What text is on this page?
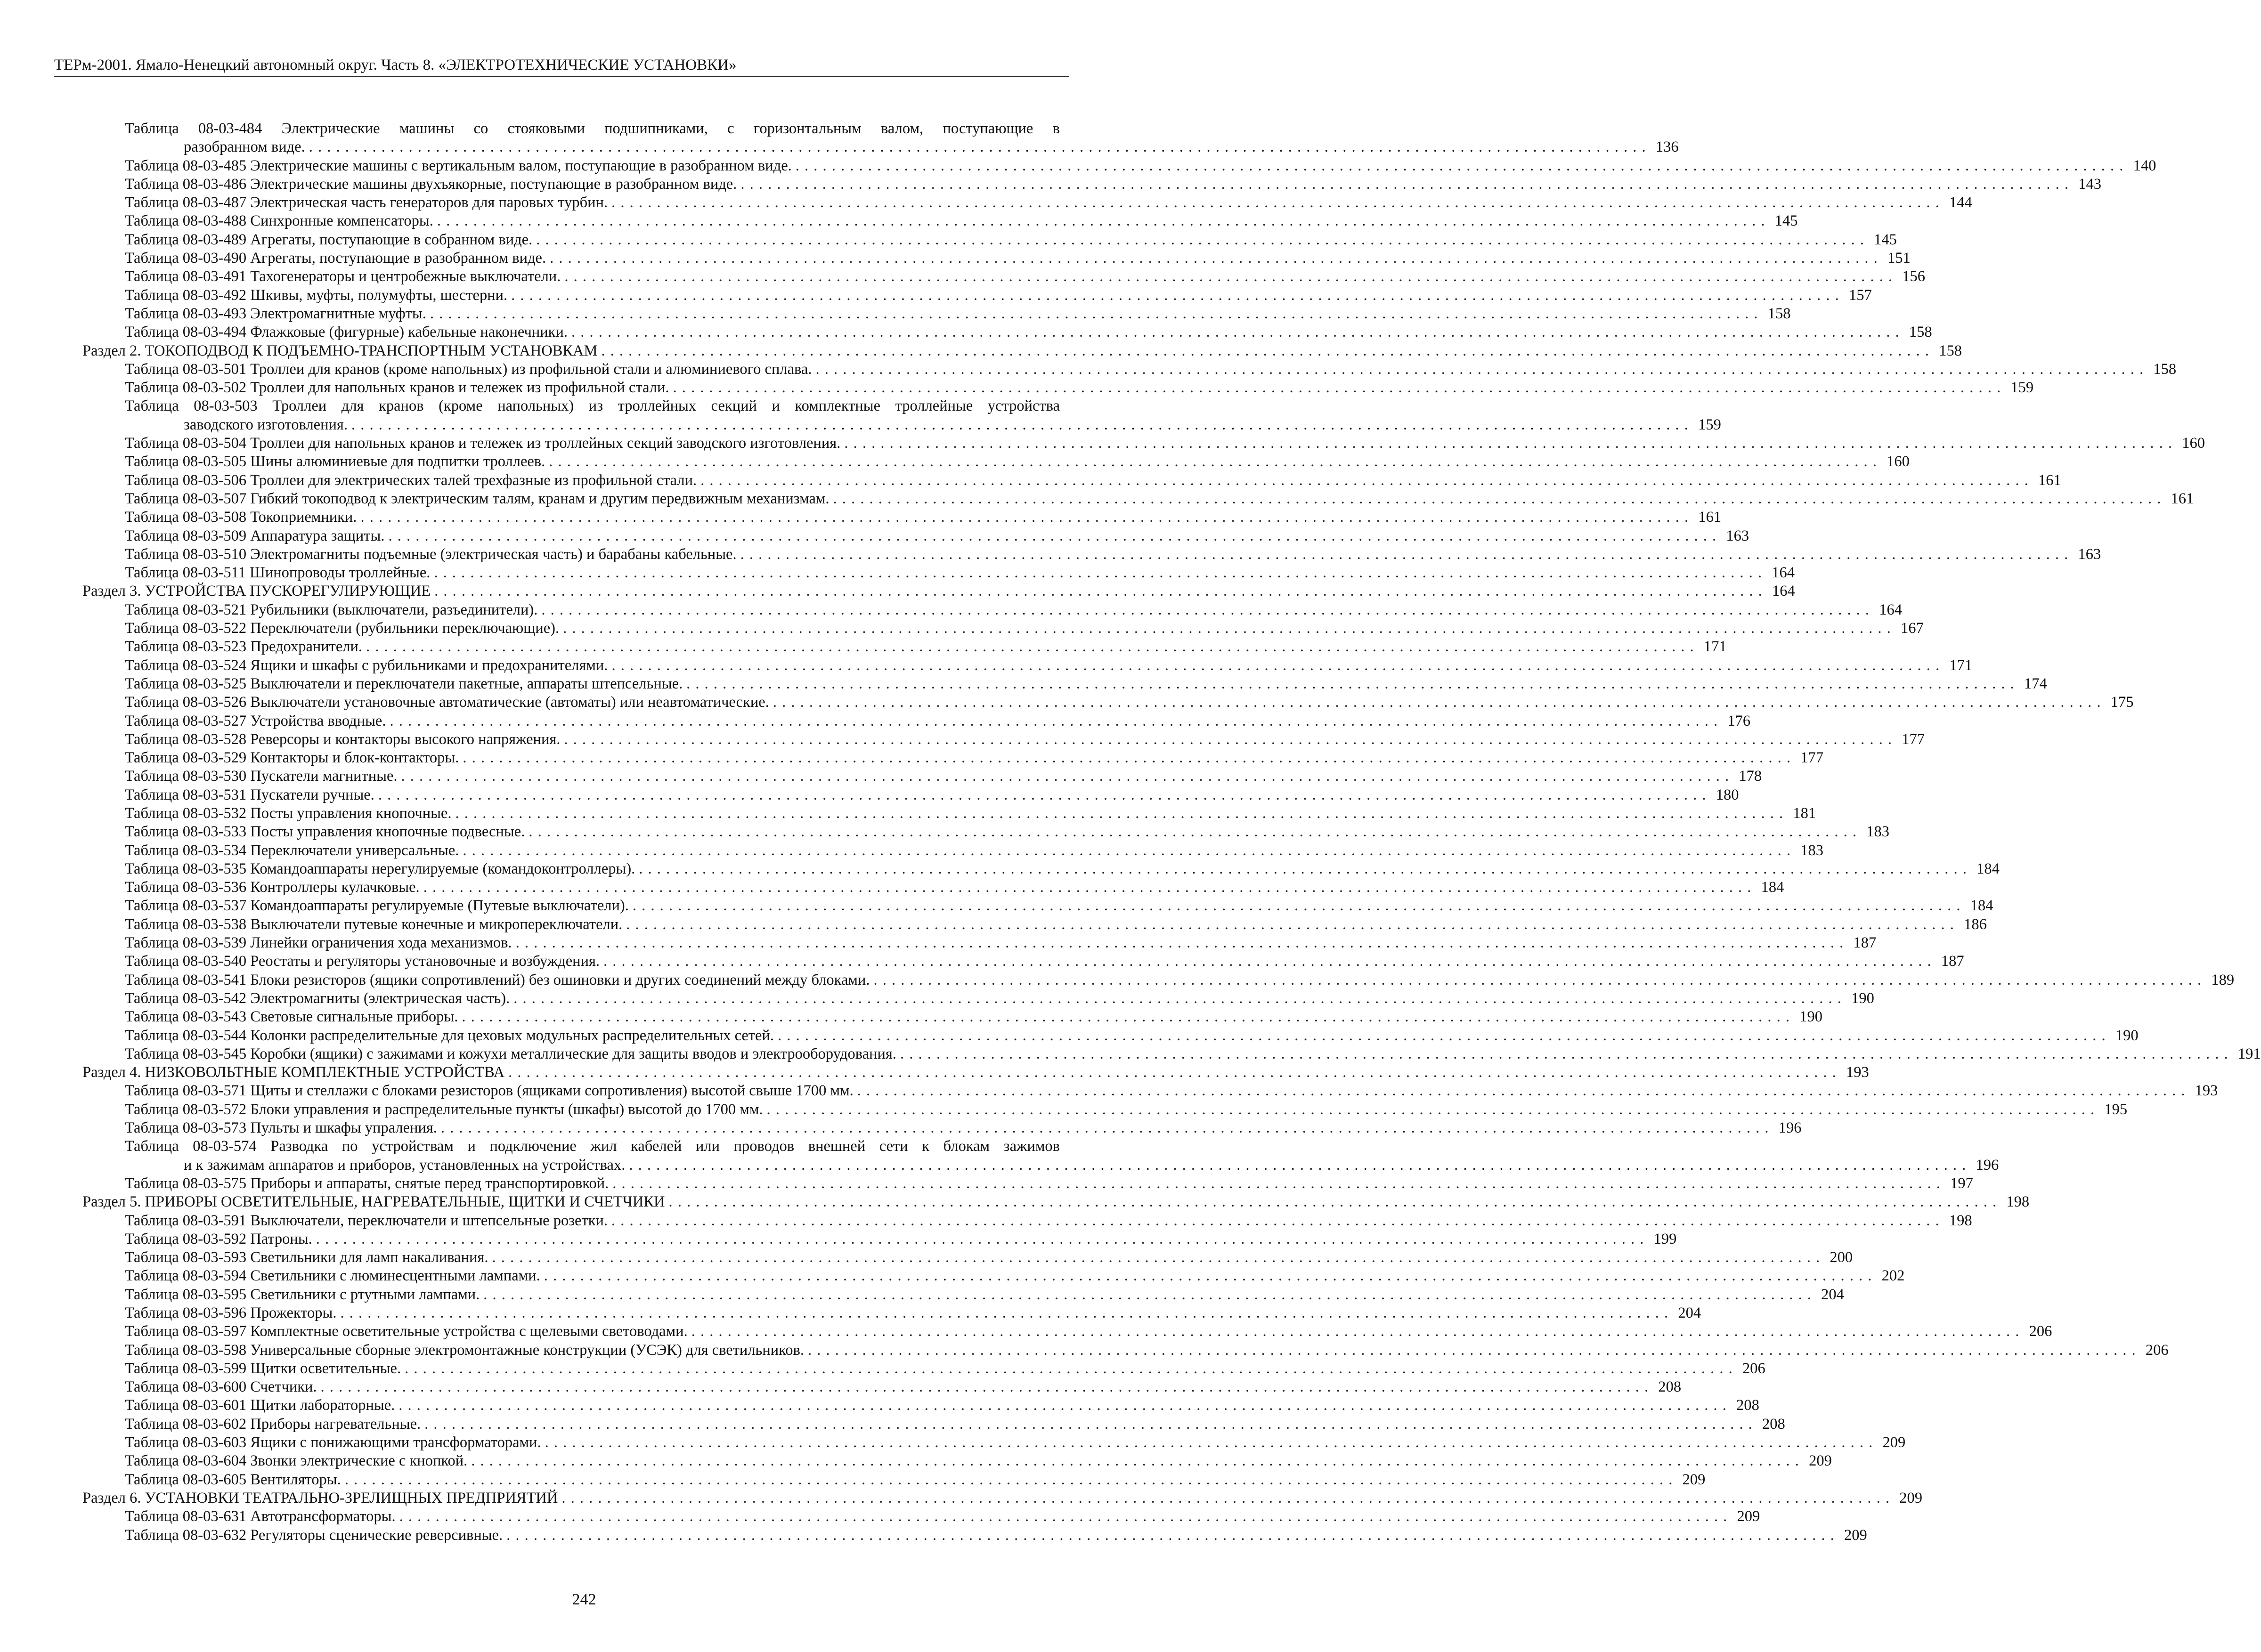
ТЕРм-2001. Ямало-Ненецкий автономный округ. Часть 8. «ЭЛЕКТРОТЕХНИЧЕСКИЕ УСТАНОВКИ»
Таблица 08-03-484 Электрические машины со стояковыми подшипниками, с горизонтальным валом, поступающие в
разобранном виде. . . .	136
Таблица 08-03-485 Электрические машины с вертикальным валом, поступающие в разобранном виде. . . .	140
Таблица 08-03-486 Электрические машины двухъякорные, поступающие в разобранном виде. . . .	143
Таблица 08-03-487 Электрическая часть генераторов для паровых турбин. . . .	144
Таблица 08-03-488 Синхронные компенсаторы. . . .	145
Таблица 08-03-489 Агрегаты, поступающие в собранном виде. . . .	145
Таблица 08-03-490 Агрегаты, поступающие в разобранном виде. . . .	151
Таблица 08-03-491 Тахогенераторы и центробежные выключатели. . . .	156
Таблица 08-03-492 Шкивы, муфты, полумуфты, шестерни. . . .	157
Таблица 08-03-493 Электромагнитные муфты. . . .	158
Таблица 08-03-494 Флажковые (фигурные) кабельные наконечники. . . .	158
Раздел 2. ТОКОПОДВОД К ПОДЪЕМНО-ТРАНСПОРТНЫМ УСТАНОВКАМ . . .	158
Таблица 08-03-501 Троллеи для кранов (кроме напольных) из профильной стали и алюминиевого сплава. . . .	158
Таблица 08-03-502 Троллеи для напольных кранов и тележек из профильной стали. . . .	159
Таблица 08-03-503 Троллеи для кранов (кроме напольных) из троллейных секций и комплектные троллейные устройства
заводского изготовления. . . .	159
Таблица 08-03-504 Троллеи для напольных кранов и тележек из троллейных секций заводского изготовления. . . .	160
Таблица 08-03-505 Шины алюминиевые для подпитки троллеев. . . .	160
Таблица 08-03-506 Троллеи для электрических талей трехфазные из профильной стали. . . .	161
Таблица 08-03-507 Гибкий токоподвод к электрическим талям, кранам и другим передвижным механизмам. . . .	161
Таблица 08-03-508 Токоприемники. . . .	161
Таблица 08-03-509 Аппаратура защиты. . . .	163
Таблица 08-03-510 Электромагниты подъемные (электрическая часть) и барабаны кабельные. . . .	163
Таблица 08-03-511 Шинопроводы троллейные. . . .	164
Раздел 3. УСТРОЙСТВА ПУСКОРЕГУЛИРУЮЩИЕ . . .	164
Таблица 08-03-521 Рубильники (выключатели, разъединители). . . .	164
Таблица 08-03-522 Переключатели (рубильники переключающие). . . .	167
Таблица 08-03-523 Предохранители. . . .	171
Таблица 08-03-524 Ящики и шкафы с рубильниками и предохранителями. . . .	171
Таблица 08-03-525 Выключатели и переключатели пакетные, аппараты штепсельные. . . .	174
Таблица 08-03-526 Выключатели установочные автоматические (автоматы) или неавтоматические. . . .	175
Таблица 08-03-527 Устройства вводные. . . .	176
Таблица 08-03-528 Реверсоры и контакторы высокого напряжения. . . .	177
Таблица 08-03-529 Контакторы и блок-контакторы. . . .	177
Таблица 08-03-530 Пускатели магнитные. . . .	178
Таблица 08-03-531 Пускатели ручные. . . .	180
Таблица 08-03-532 Посты управления кнопочные. . . .	181
Таблица 08-03-533 Посты управления кнопочные подвесные. . . .	183
Таблица 08-03-534 Переключатели универсальные. . . .	183
Таблица 08-03-535 Командоаппараты нерегулируемые (командоконтроллеры). . . .	184
Таблица 08-03-536 Контроллеры кулачковые. . . .	184
Таблица 08-03-537 Командоаппараты регулируемые (Путевые выключатели). . . .	184
Таблица 08-03-538 Выключатели путевые конечные и микропереключатели. . . .	186
Таблица 08-03-539 Линейки ограничения хода механизмов. . . .	187
Таблица 08-03-540 Реостаты и регуляторы установочные и возбуждения. . . .	187
Таблица 08-03-541 Блоки резисторов (ящики сопротивлений) без ошиновки и других соединений между блоками. . . .	189
Таблица 08-03-542 Электромагниты (электрическая часть). . . .	190
Таблица 08-03-543 Световые сигнальные приборы. . . .	190
Таблица 08-03-544 Колонки распределительные для цеховых модульных распределительных сетей. . . .	190
Таблица 08-03-545 Коробки (ящики) с зажимами и кожухи металлические для защиты вводов и электрооборудования. . . .	191
Раздел 4. НИЗКОВОЛЬТНЫЕ КОМПЛЕКТНЫЕ УСТРОЙСТВА . . .	193
Таблица 08-03-571 Щиты и стеллажи с блоками резисторов (ящиками сопротивления) высотой свыше 1700 мм. . . .	193
Таблица 08-03-572 Блоки управления и распределительные пункты (шкафы) высотой до 1700 мм. . . .	195
Таблица 08-03-573 Пульты и шкафы упраления. . . .	196
Таблица 08-03-574 Разводка по устройствам и подключение жил кабелей или проводов внешней сети к блокам зажимов
и к зажимам аппаратов и приборов, установленных на устройствах. . . .	196
Таблица 08-03-575 Приборы и аппараты, снятые перед транспортировкой. . . .	197
Раздел 5. ПРИБОРЫ ОСВЕТИТЕЛЬНЫЕ, НАГРЕВАТЕЛЬНЫЕ, ЩИТКИ И СЧЕТЧИКИ . . .	198
Таблица 08-03-591 Выключатели, переключатели и штепсельные розетки. . . .	198
Таблица 08-03-592 Патроны. . . .	199
Таблица 08-03-593 Светильники для ламп накаливания. . . .	200
Таблица 08-03-594 Светильники с люминесцентными лампами. . . .	202
Таблица 08-03-595 Светильники с ртутными лампами. . . .	204
Таблица 08-03-596 Прожекторы. . . .	204
Таблица 08-03-597 Комплектные осветительные устройства с щелевыми световодами. . . .	206
Таблица 08-03-598 Универсальные сборные электромонтажные конструкции (УСЭК) для светильников. . . .	206
Таблица 08-03-599 Щитки осветительные. . . .	206
Таблица 08-03-600 Счетчики. . . .	208
Таблица 08-03-601 Щитки лабораторные. . . .	208
Таблица 08-03-602 Приборы нагревательные. . . .	208
Таблица 08-03-603 Ящики с понижающими трансформаторами. . . .	209
Таблица 08-03-604 Звонки электрические с кнопкой. . . .	209
Таблица 08-03-605 Вентиляторы. . . .	209
Раздел 6. УСТАНОВКИ ТЕАТРАЛЬНО-ЗРЕЛИЩНЫХ ПРЕДПРИЯТИЙ . . .	209
Таблица 08-03-631 Автотрансформаторы. . . .	209
Таблица 08-03-632 Регуляторы сценические реверсивные. . . .	209
242
